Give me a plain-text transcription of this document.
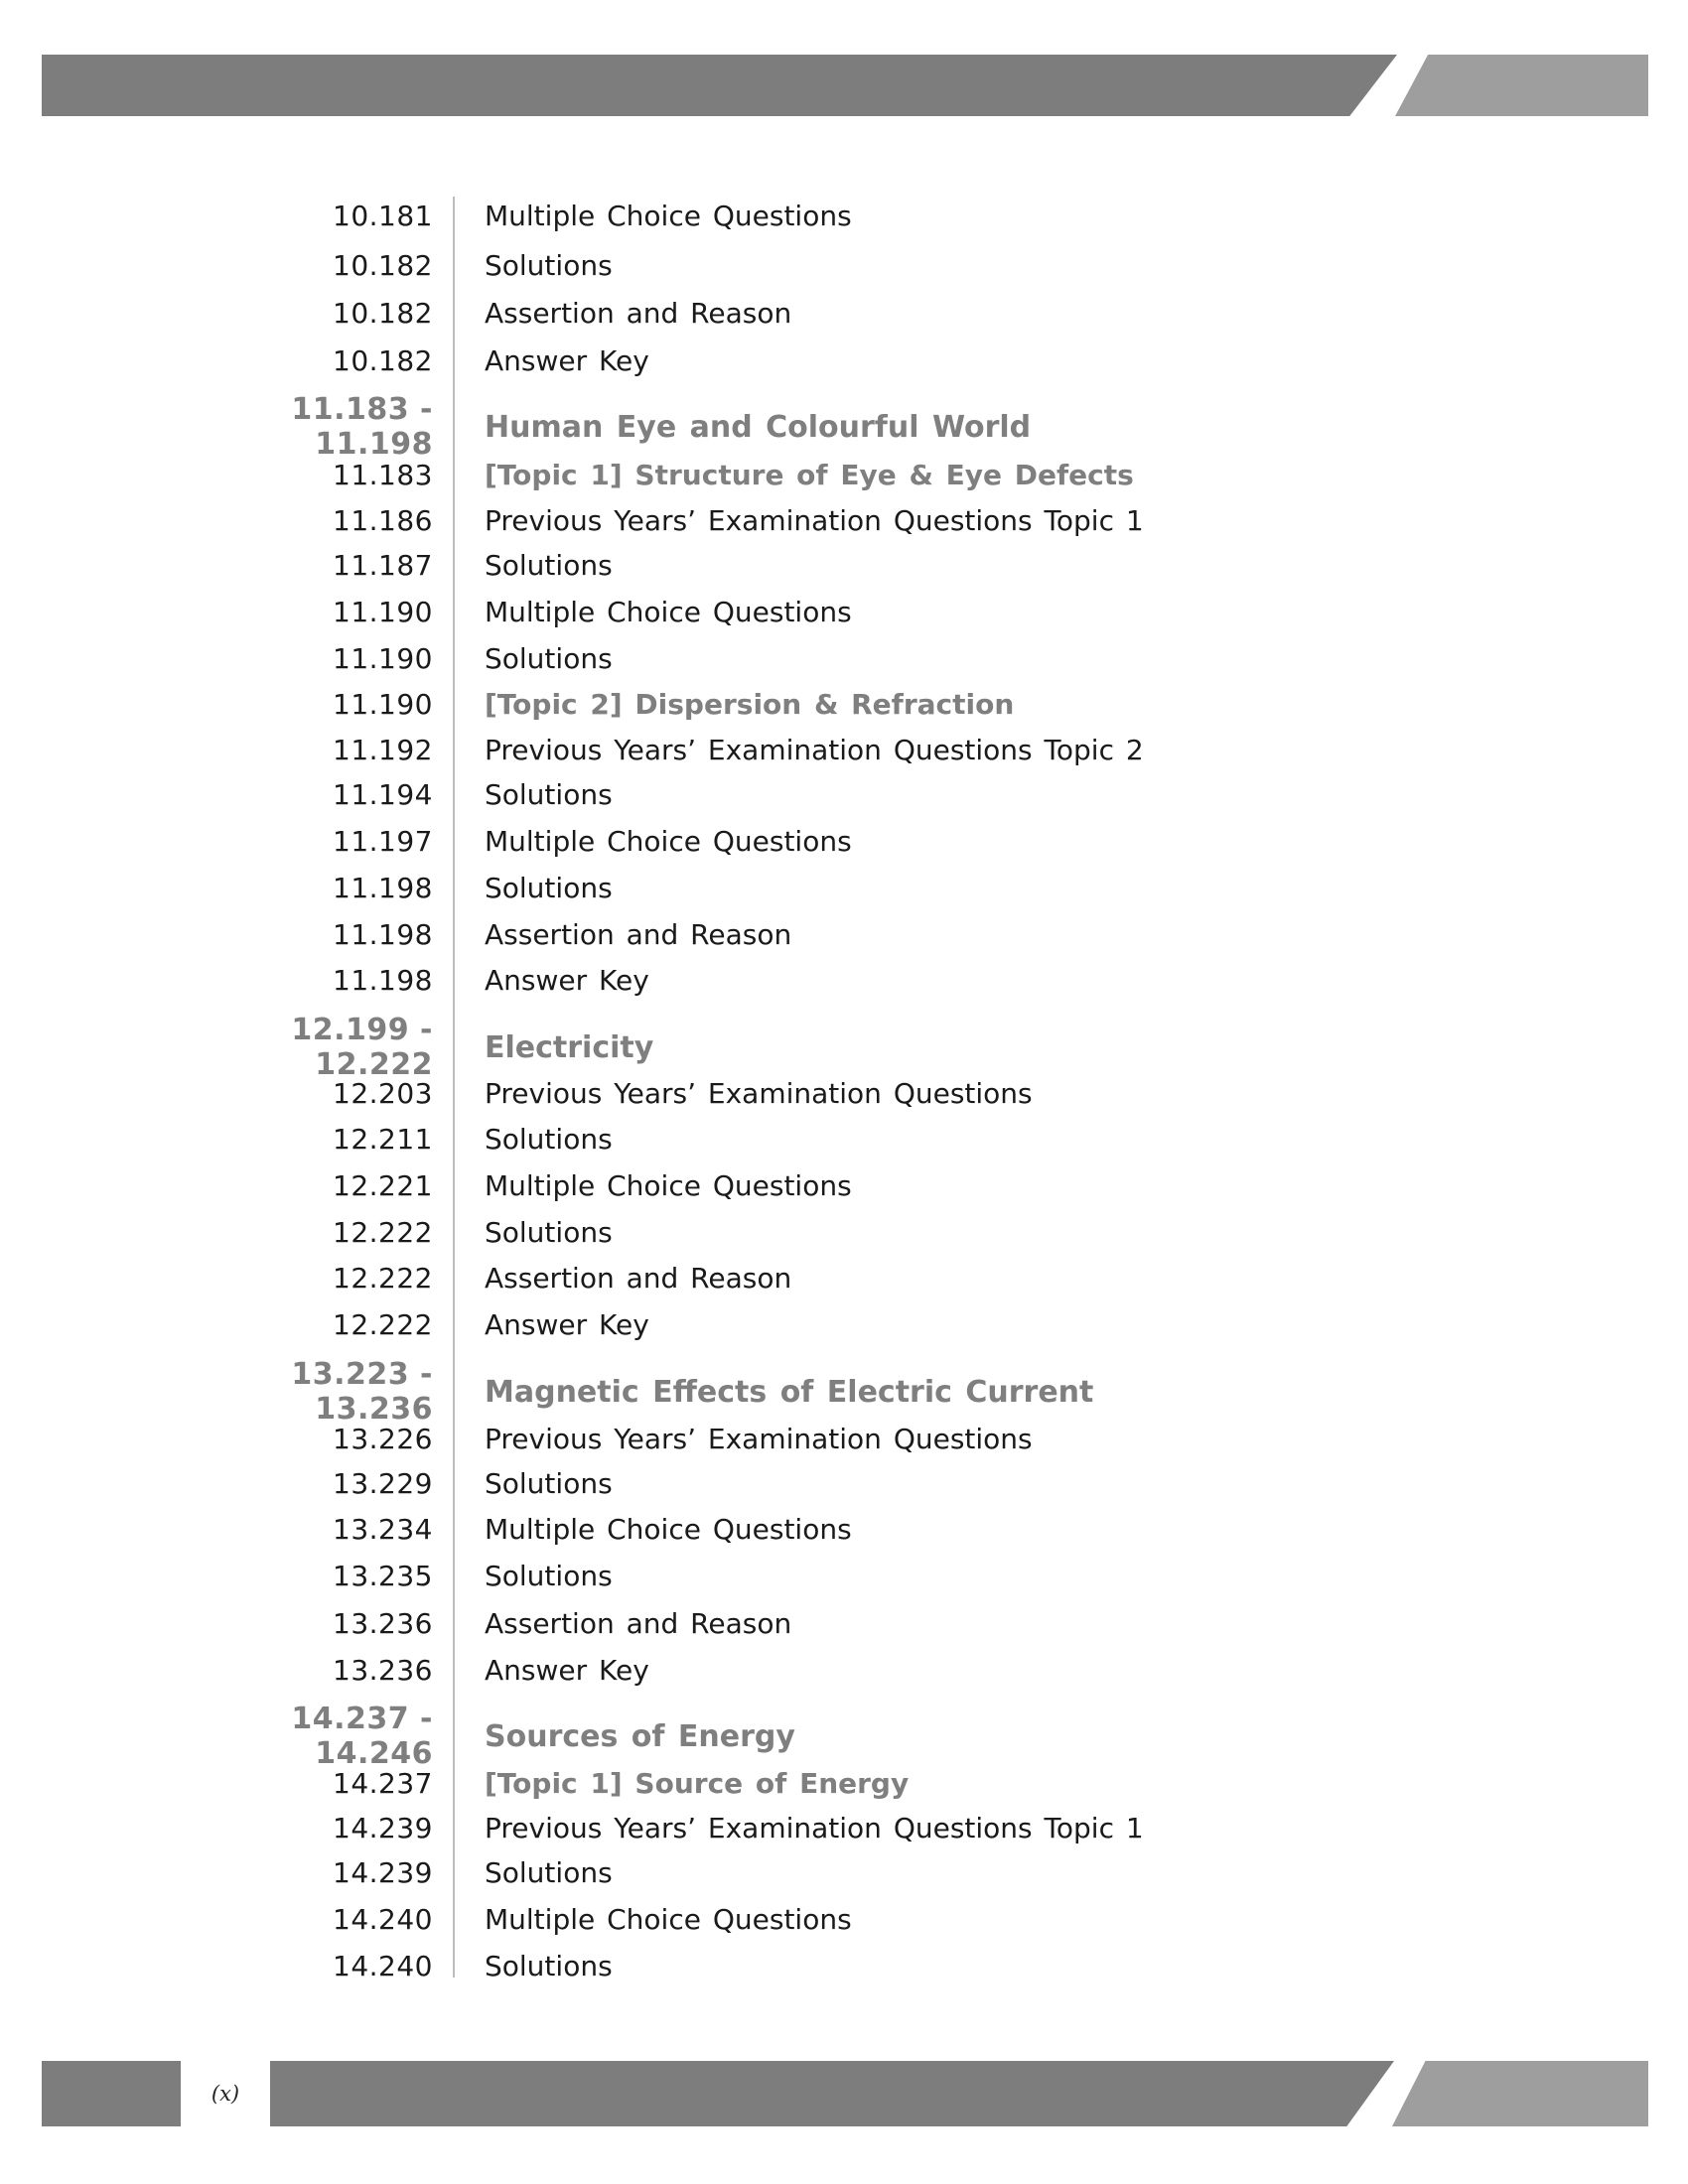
10.181 Multiple Choice Questions
10.182 Solutions
10.182 Assertion and Reason
10.182 Answer Key
11.183 - 11.198 Human Eye and Colourful World
11.183 [Topic 1] Structure of Eye & Eye Defects
11.186 Previous Years’ Examination Questions Topic 1
11.187 Solutions
11.190 Multiple Choice Questions
11.190 Solutions
11.190 [Topic 2] Dispersion & Refraction
11.192 Previous Years’ Examination Questions Topic 2
11.194 Solutions
11.197 Multiple Choice Questions
11.198 Solutions
11.198 Assertion and Reason
11.198 Answer Key
12.199 - 12.222 Electricity
12.203 Previous Years’ Examination Questions
12.211 Solutions
12.221 Multiple Choice Questions
12.222 Solutions
12.222 Assertion and Reason
12.222 Answer Key
13.223 - 13.236 Magnetic Effects of Electric Current
13.226 Previous Years’ Examination Questions
13.229 Solutions
13.234 Multiple Choice Questions
13.235 Solutions
13.236 Assertion and Reason
13.236 Answer Key
14.237 - 14.246 Sources of Energy
14.237 [Topic 1] Source of Energy
14.239 Previous Years’ Examination Questions Topic 1
14.239 Solutions
14.240 Multiple Choice Questions
14.240 Solutions
(x)
